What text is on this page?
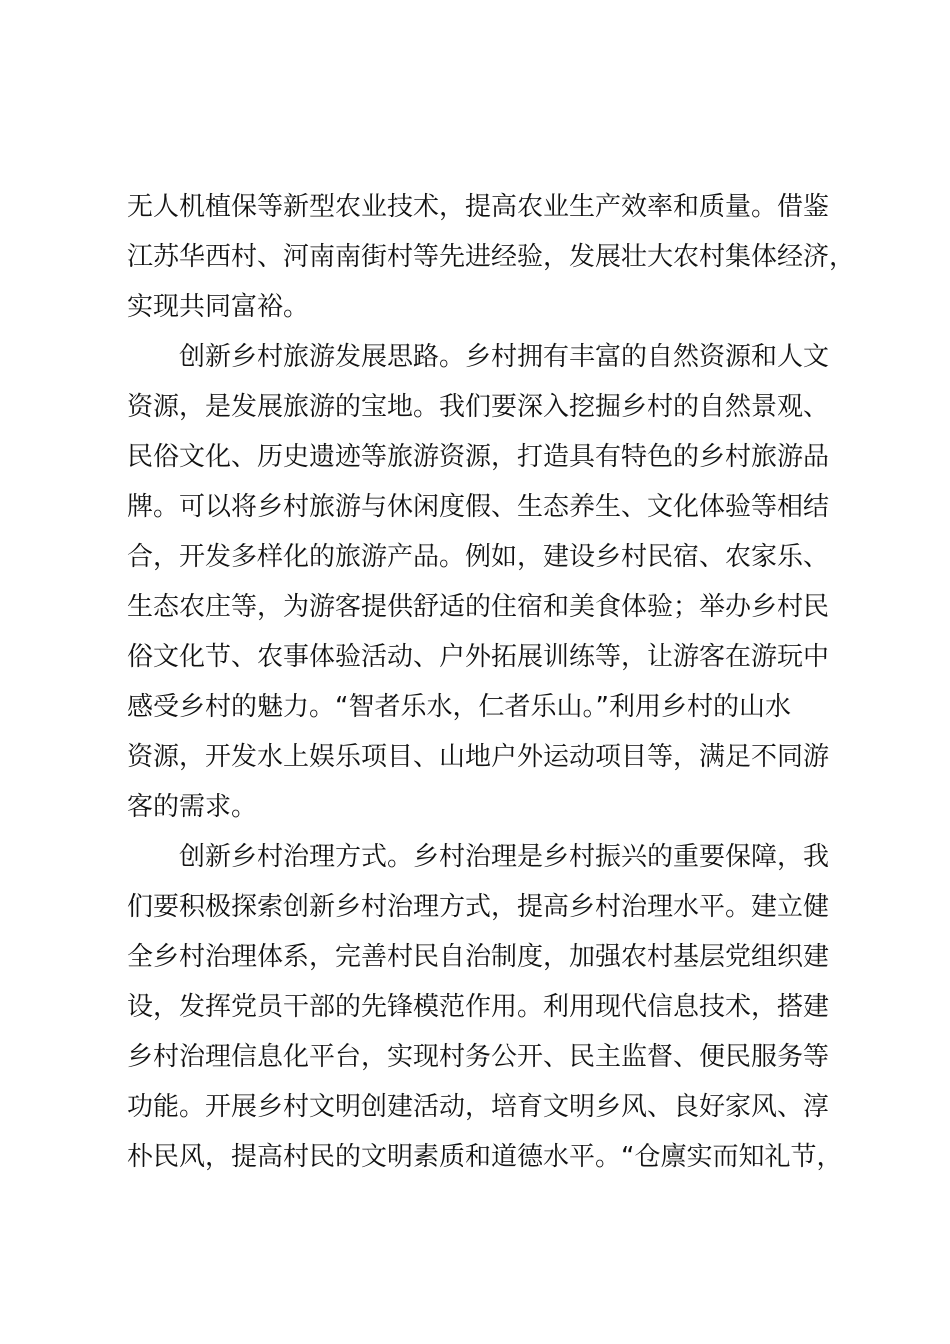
无人机植保等新型农业技术，提高农业生产效率和质量。借鉴
江苏华西村、河南南街村等先进经验，发展壮大农村集体经济，
实现共同富裕。
创新乡村旅游发展思路。乡村拥有丰富的自然资源和人文
资源，是发展旅游的宝地。我们要深入挖掘乡村的自然景观、
民俗文化、历史遗迹等旅游资源，打造具有特色的乡村旅游品
牌。可以将乡村旅游与休闲度假、生态养生、文化体验等相结
合，开发多样化的旅游产品。例如，建设乡村民宿、农家乐、
生态农庄等，为游客提供舒适的住宿和美食体验；举办乡村民
俗文化节、农事体验活动、户外拓展训练等，让游客在游玩中
感受乡村的魅力。“智者乐水，仁者乐山。”利用乡村的山水
资源，开发水上娱乐项目、山地户外运动项目等，满足不同游
客的需求。
创新乡村治理方式。乡村治理是乡村振兴的重要保障，我
们要积极探索创新乡村治理方式，提高乡村治理水平。建立健
全乡村治理体系，完善村民自治制度，加强农村基层党组织建
设，发挥党员干部的先锋模范作用。利用现代信息技术，搭建
乡村治理信息化平台，实现村务公开、民主监督、便民服务等
功能。开展乡村文明创建活动，培育文明乡风、良好家风、淳
朴民风，提高村民的文明素质和道德水平。“仓廪实而知礼节，
